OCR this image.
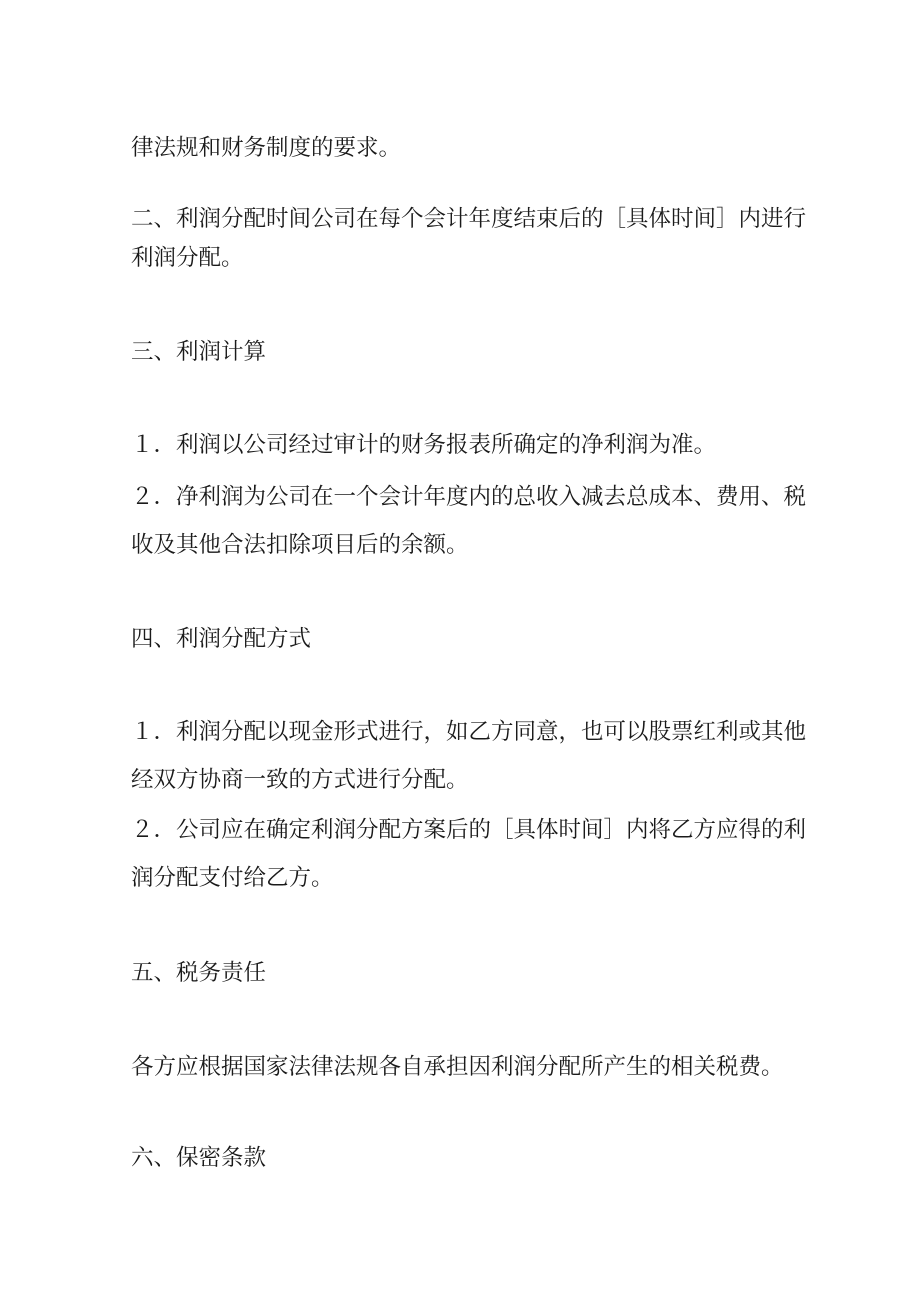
律法规和财务制度的要求。

二、利润分配时间公司在每个会计年度结束后的［具体时间］内进行

利润分配。

三、利润计算

１．利润以公司经过审计的财务报表所确定的净利润为准。

２．净利润为公司在一个会计年度内的总收入减去总成本、费用、税

收及其他合法扣除项目后的余额。

四、利润分配方式

１．利润分配以现金形式进行，如乙方同意，也可以股票红利或其他

经双方协商一致的方式进行分配。

２．公司应在确定利润分配方案后的［具体时间］内将乙方应得的利

润分配支付给乙方。

五、税务责任

各方应根据国家法律法规各自承担因利润分配所产生的相关税费。

六、保密条款
